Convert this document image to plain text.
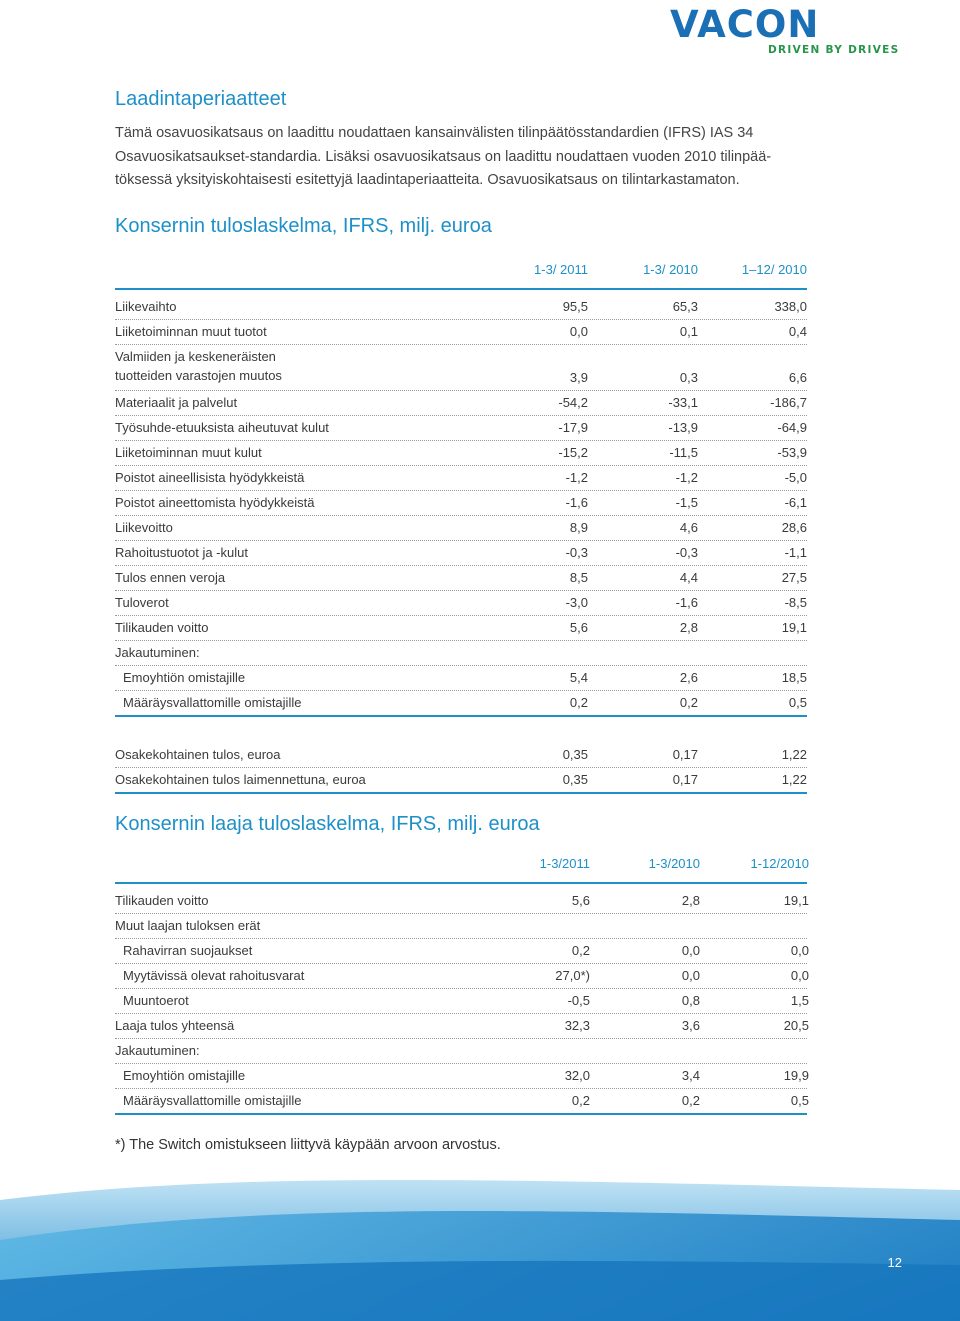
VACON
DRIVEN BY DRIVES
Laadintaperiaatteet

Tämä osavuosikatsaus on laadittu noudattaen kansainvälisten tilinpäätösstandardien (IFRS) IAS 34
Osavuosikatsaukset-standardia. Lisäksi osavuosikatsaus on laadittu noudattaen vuoden 2010 tilinpää-
töksessä yksityiskohtaisesti esitettyjä laadintaperiaatteita. Osavuosikatsaus on tilintarkastamaton.

Konsernin tuloslaskelma, IFRS, milj. euroa
1-3/ 2011	1-3/ 2010	1–12/ 2010
Liikevaihto	95,5	65,3	338,0
Liiketoiminnan muut tuotot	0,0	0,1	0,4
Valmiiden ja keskeneräisten
tuotteiden varastojen muutos	3,9	0,3	6,6
Materiaalit ja palvelut	-54,2	-33,1	-186,7
Työsuhde-etuuksista aiheutuvat kulut	-17,9	-13,9	-64,9
Liiketoiminnan muut kulut	-15,2	-11,5	-53,9
Poistot aineellisista hyödykkeistä	-1,2	-1,2	-5,0
Poistot aineettomista hyödykkeistä	-1,6	-1,5	-6,1
Liikevoitto	8,9	4,6	28,6
Rahoitustuotot ja -kulut	-0,3	-0,3	-1,1
Tulos ennen veroja	8,5	4,4	27,5
Tuloverot	-3,0	-1,6	-8,5
Tilikauden voitto	5,6	2,8	19,1
Jakautuminen:
Emoyhtiön omistajille	5,4	2,6	18,5
Määräysvallattomille omistajille	0,2	0,2	0,5
Osakekohtainen tulos, euroa	0,35	0,17	1,22
Osakekohtainen tulos laimennettuna, euroa	0,35	0,17	1,22
Konsernin laaja tuloslaskelma, IFRS, milj. euroa
1-3/2011	1-3/2010	1-12/2010
Tilikauden voitto	5,6	2,8	19,1
Muut laajan tuloksen erät
Rahavirran suojaukset	0,2	0,0	0,0
Myytävissä olevat rahoitusvarat	27,0*)	0,0	0,0
Muuntoerot	-0,5	0,8	1,5
Laaja tulos yhteensä	32,3	3,6	20,5
Jakautuminen:
Emoyhtiön omistajille	32,0	3,4	19,9
Määräysvallattomille omistajille	0,2	0,2	0,5

*) The Switch omistukseen liittyvä käypään arvoon arvostus.

12
